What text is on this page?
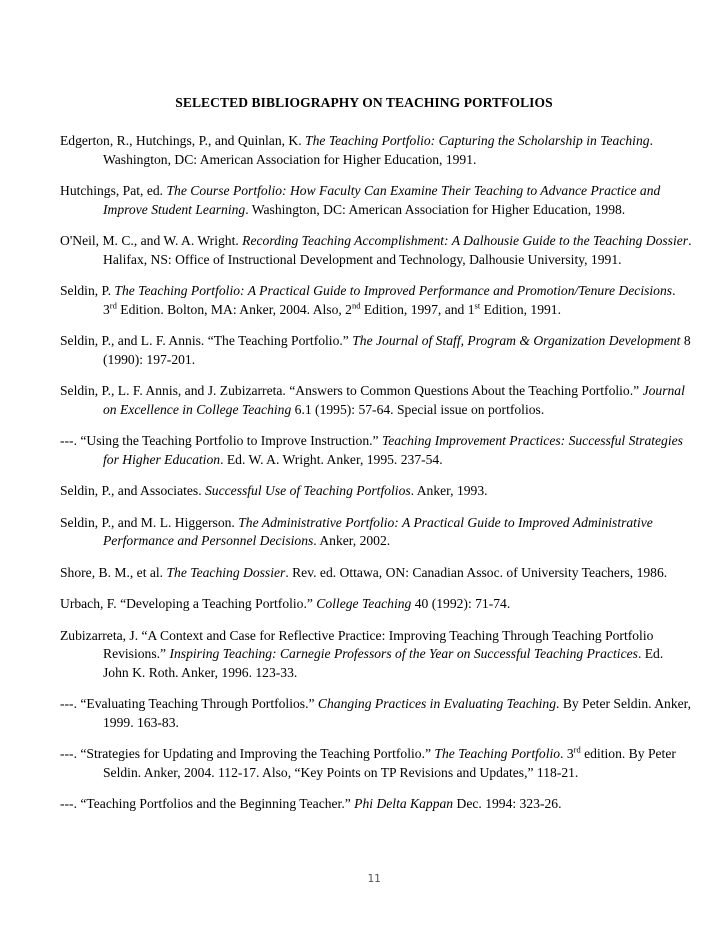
SELECTED BIBLIOGRAPHY ON TEACHING PORTFOLIOS

Edgerton, R., Hutchings, P., and Quinlan, K. The Teaching Portfolio: Capturing the Scholarship in Teaching. Washington, DC: American Association for Higher Education, 1991.

Hutchings, Pat, ed. The Course Portfolio: How Faculty Can Examine Their Teaching to Advance Practice and Improve Student Learning. Washington, DC: American Association for Higher Education, 1998.

O'Neil, M. C., and W. A. Wright. Recording Teaching Accomplishment: A Dalhousie Guide to the Teaching Dossier. Halifax, NS: Office of Instructional Development and Technology, Dalhousie University, 1991.

Seldin, P. The Teaching Portfolio: A Practical Guide to Improved Performance and Promotion/Tenure Decisions. 3rd Edition. Bolton, MA: Anker, 2004. Also, 2nd Edition, 1997, and 1st Edition, 1991.

Seldin, P., and L. F. Annis. “The Teaching Portfolio.” The Journal of Staff, Program & Organization Development 8 (1990): 197-201.

Seldin, P., L. F. Annis, and J. Zubizarreta. “Answers to Common Questions About the Teaching Portfolio.” Journal on Excellence in College Teaching 6.1 (1995): 57-64. Special issue on portfolios.

---. “Using the Teaching Portfolio to Improve Instruction.” Teaching Improvement Practices: Successful Strategies for Higher Education. Ed. W. A. Wright. Anker, 1995. 237-54.

Seldin, P., and Associates. Successful Use of Teaching Portfolios. Anker, 1993.

Seldin, P., and M. L. Higgerson. The Administrative Portfolio: A Practical Guide to Improved Administrative Performance and Personnel Decisions. Anker, 2002.

Shore, B. M., et al. The Teaching Dossier. Rev. ed. Ottawa, ON: Canadian Assoc. of University Teachers, 1986.

Urbach, F. “Developing a Teaching Portfolio.” College Teaching 40 (1992): 71-74.

Zubizarreta, J. “A Context and Case for Reflective Practice: Improving Teaching Through Teaching Portfolio Revisions.” Inspiring Teaching: Carnegie Professors of the Year on Successful Teaching Practices. Ed. John K. Roth. Anker, 1996. 123-33.

---. “Evaluating Teaching Through Portfolios.” Changing Practices in Evaluating Teaching. By Peter Seldin. Anker, 1999. 163-83.

---. “Strategies for Updating and Improving the Teaching Portfolio.” The Teaching Portfolio. 3rd edition. By Peter Seldin. Anker, 2004. 112-17. Also, “Key Points on TP Revisions and Updates,” 118-21.

---. “Teaching Portfolios and the Beginning Teacher.” Phi Delta Kappan Dec. 1994: 323-26.

11
